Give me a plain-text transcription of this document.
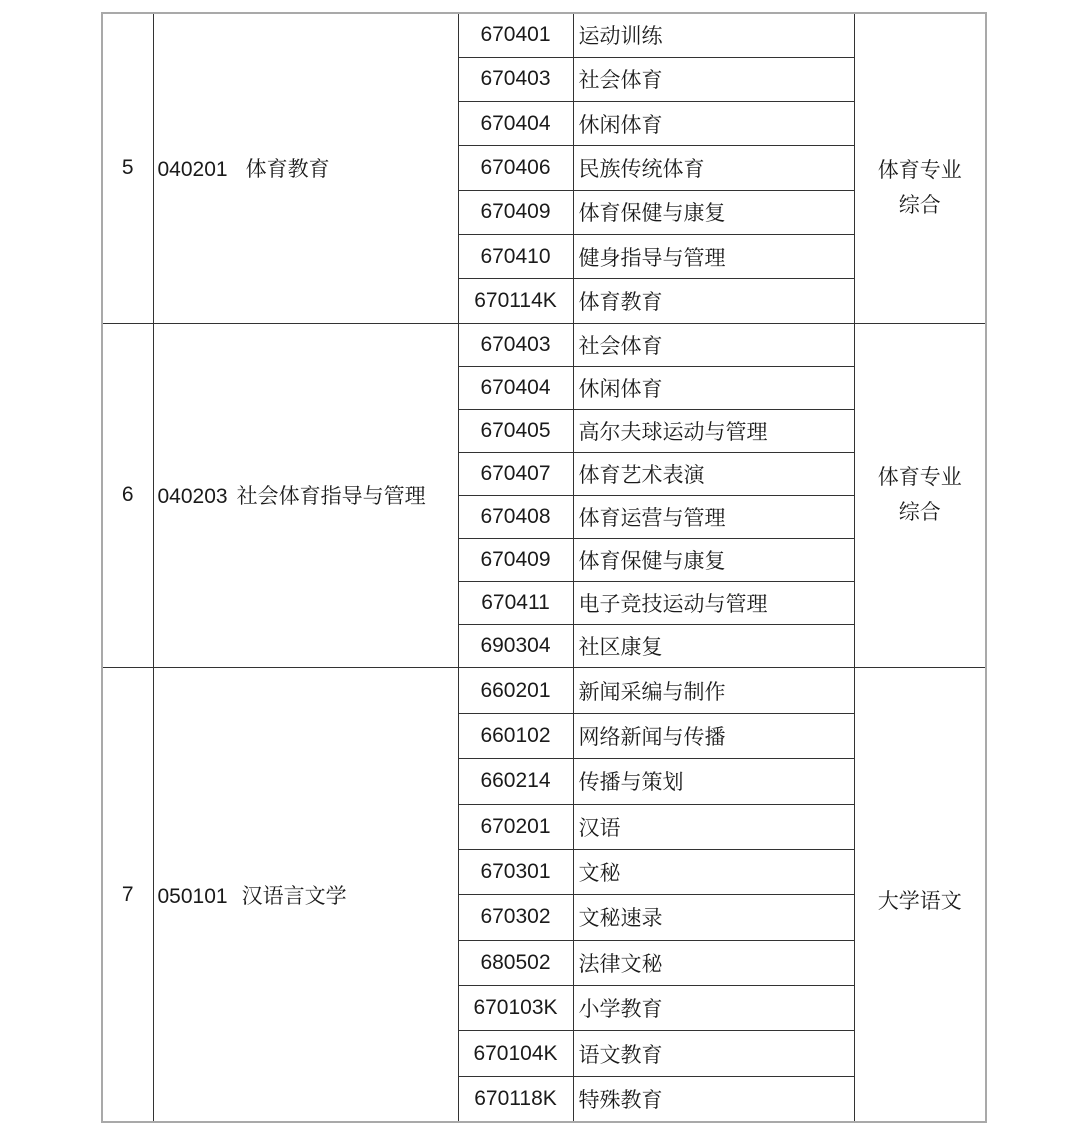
5	040201 体育教育	670401	运动训练	体育专业
综合

		670403	社会体育	
		670404	休闲体育	
		670406	民族传统体育	
		670409	体育保健与康复	
		670410	健身指导与管理	
		670114K	体育教育	
6	040203 社会体育指导与管理	670403	社会体育	体育专业
综合

		670404	休闲体育	
		670405	高尔夫球运动与管理	
		670407	体育艺术表演	
		670408	体育运营与管理	
		670409	体育保健与康复	
		670411	电子竞技运动与管理	
		690304	社区康复	
7	050101 汉语言文学	660201	新闻采编与制作	大学语文

		660102	网络新闻与传播	
		660214	传播与策划	
		670201	汉语	
		670301	文秘	
		670302	文秘速录	
		680502	法律文秘	
		670103K	小学教育	
		670104K	语文教育	
		670118K	特殊教育	
